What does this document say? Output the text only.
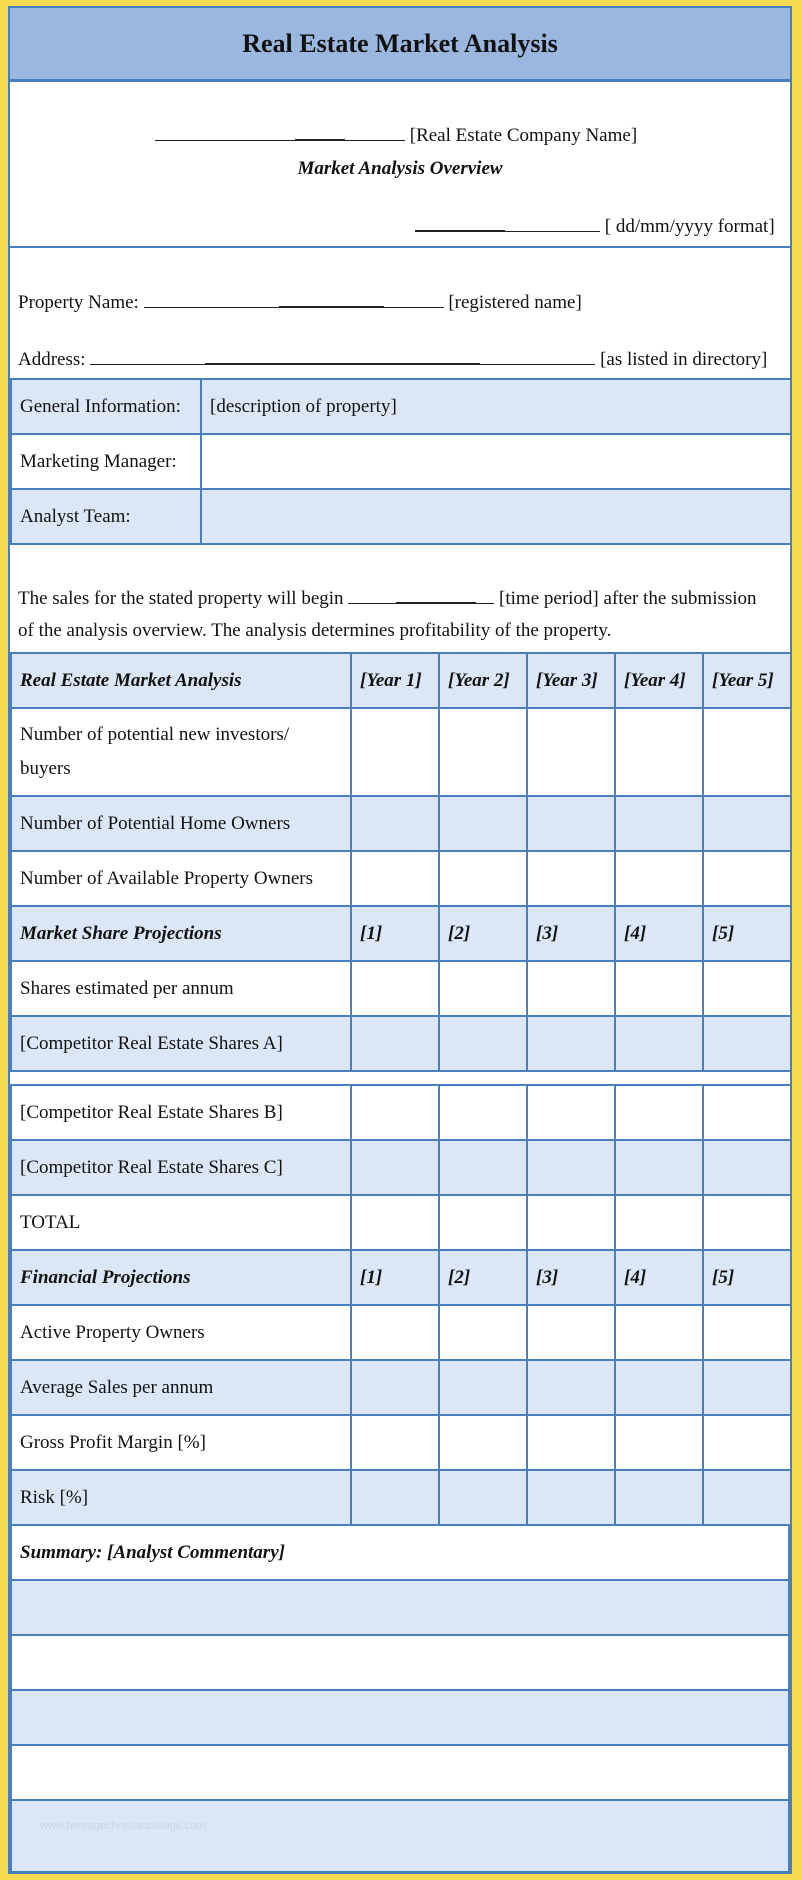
Real Estate Market Analysis
[Real Estate Company Name]
Market Analysis Overview
[ dd/mm/yyyy format]
Property Name:	[registered name]
Address:	[as listed in directory]
General Information:	[description of property]
Marketing Manager:	
Analyst Team:	
The sales for the stated property will begin	[time period] after the submission
of the analysis overview. The analysis determines profitability of the property.
Real Estate Market Analysis	[Year 1]	[Year 2]	[Year 3]	[Year 4]	[Year 5]

Number of potential new investors/
buyers					

Number of Potential Home Owners					
Number of Available Property Owners					
Market Share Projections	[1]	[2]	[3]	[4]	[5]
Shares estimated per annum					
[Competitor Real Estate Shares A]					
[Competitor Real Estate Shares B]					
[Competitor Real Estate Shares C]					
TOTAL					
Financial Projections	[1]	[2]	[3]	[4]	[5]
Active Property Owners					
Average Sales per annum					
Gross Profit Margin [%]					
Risk [%]					
Summary: [Analyst Commentary]

www.heritagechristiancollege.com
